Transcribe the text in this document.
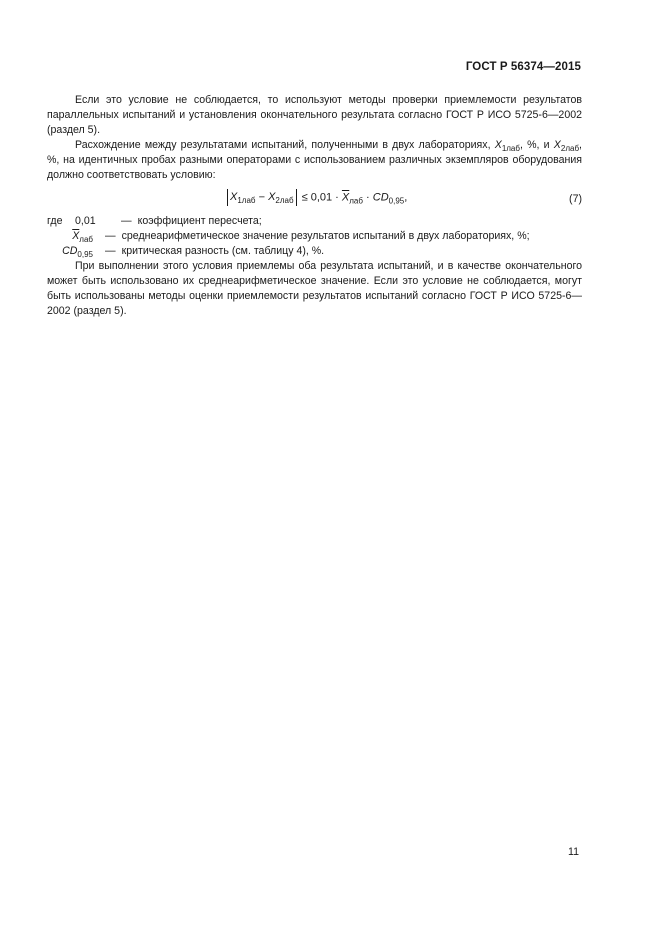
ГОСТ Р 56374—2015

Если это условие не соблюдается, то используют методы проверки приемлемости результатов параллельных испытаний и установления окончательного результата согласно ГОСТ Р ИСО 5725-6—2002 (раздел 5).

Расхождение между результатами испытаний, полученными в двух лабораториях, $X_{1лаб}$, %, и $X_{2лаб}$, %, на идентичных пробах разными операторами с использованием различных экземпляров оборудования должно соответствовать условию:

$X_{1лаб} - X_{2лаб} \le 0,01 \cdot \overline{X}_{лаб} \cdot CD_{0,95}$,	(7)
где	0,01	— коэффициент пересчета;
$\overline{X}_{лаб}$	— среднеарифметическое значение результатов испытаний в двух лабораториях, %;
$CD_{0,95}$	— критическая разность (см. таблицу 4), %.

При выполнении этого условия приемлемы оба результата испытаний, и в качестве окончательного может быть использовано их среднеарифметическое значение. Если это условие не соблюдается, могут быть использованы методы оценки приемлемости результатов испытаний согласно ГОСТ Р ИСО 5725-6—2002 (раздел 5).

11
